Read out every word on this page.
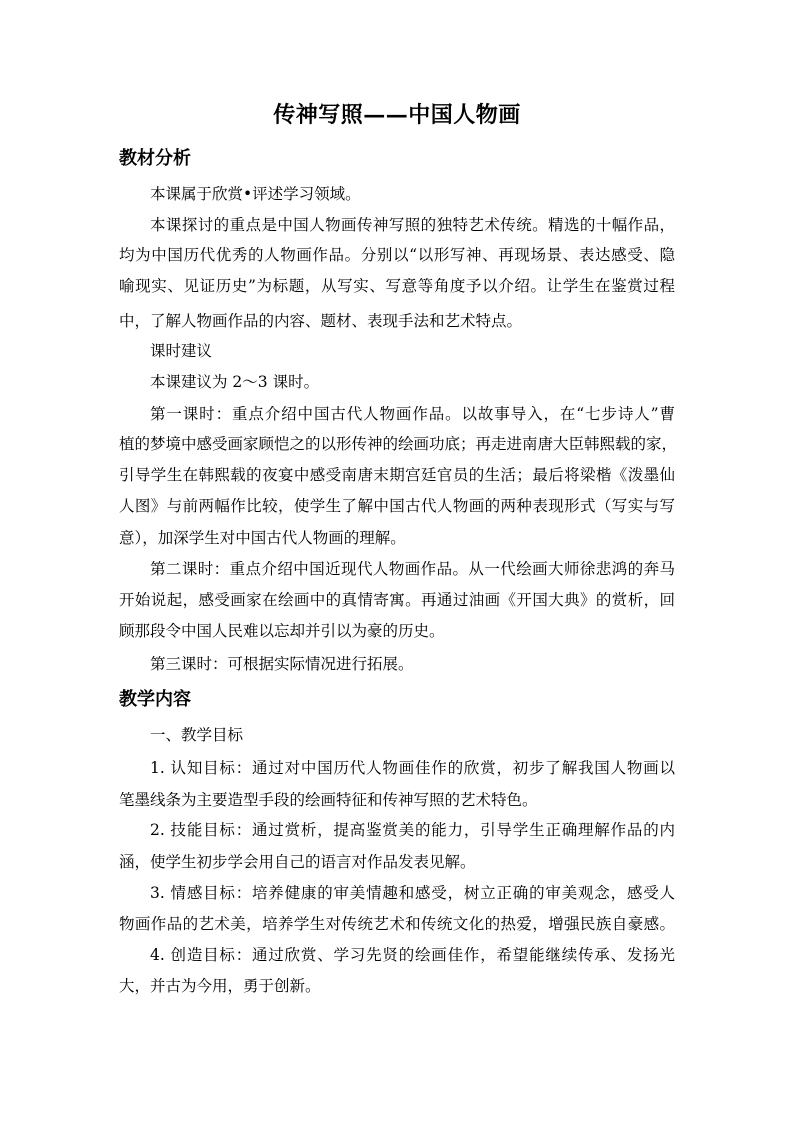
传神写照——中国人物画
教材分析
本课属于欣赏•评述学习领域。
本课探讨的重点是中国人物画传神写照的独特艺术传统。精选的十幅作品，
均为中国历代优秀的人物画作品。分别以“以形写神、再现场景、表达感受、隐
喻现实、见证历史”为标题，从写实、写意等角度予以介绍。让学生在鉴赏过程
中，了解人物画作品的内容、题材、表现手法和艺术特点。
课时建议
本课建议为 2～3 课时。
第一课时：重点介绍中国古代人物画作品。以故事导入，在“七步诗人”曹
植的梦境中感受画家顾恺之的以形传神的绘画功底；再走进南唐大臣韩熙载的家，
引导学生在韩熙载的夜宴中感受南唐末期宫廷官员的生活；最后将梁楷《泼墨仙
人图》与前两幅作比较，使学生了解中国古代人物画的两种表现形式（写实与写
意），加深学生对中国古代人物画的理解。
第二课时：重点介绍中国近现代人物画作品。从一代绘画大师徐悲鸿的奔马
开始说起，感受画家在绘画中的真情寄寓。再通过油画《开国大典》的赏析，回
顾那段令中国人民难以忘却并引以为豪的历史。
第三课时：可根据实际情况进行拓展。
教学内容
一、教学目标
1. 认知目标：通过对中国历代人物画佳作的欣赏，初步了解我国人物画以
笔墨线条为主要造型手段的绘画特征和传神写照的艺术特色。
2. 技能目标：通过赏析，提高鉴赏美的能力，引导学生正确理解作品的内
涵，使学生初步学会用自己的语言对作品发表见解。
3. 情感目标：培养健康的审美情趣和感受，树立正确的审美观念，感受人
物画作品的艺术美，培养学生对传统艺术和传统文化的热爱，增强民族自豪感。
4. 创造目标：通过欣赏、学习先贤的绘画佳作，希望能继续传承、发扬光
大，并古为今用，勇于创新。
